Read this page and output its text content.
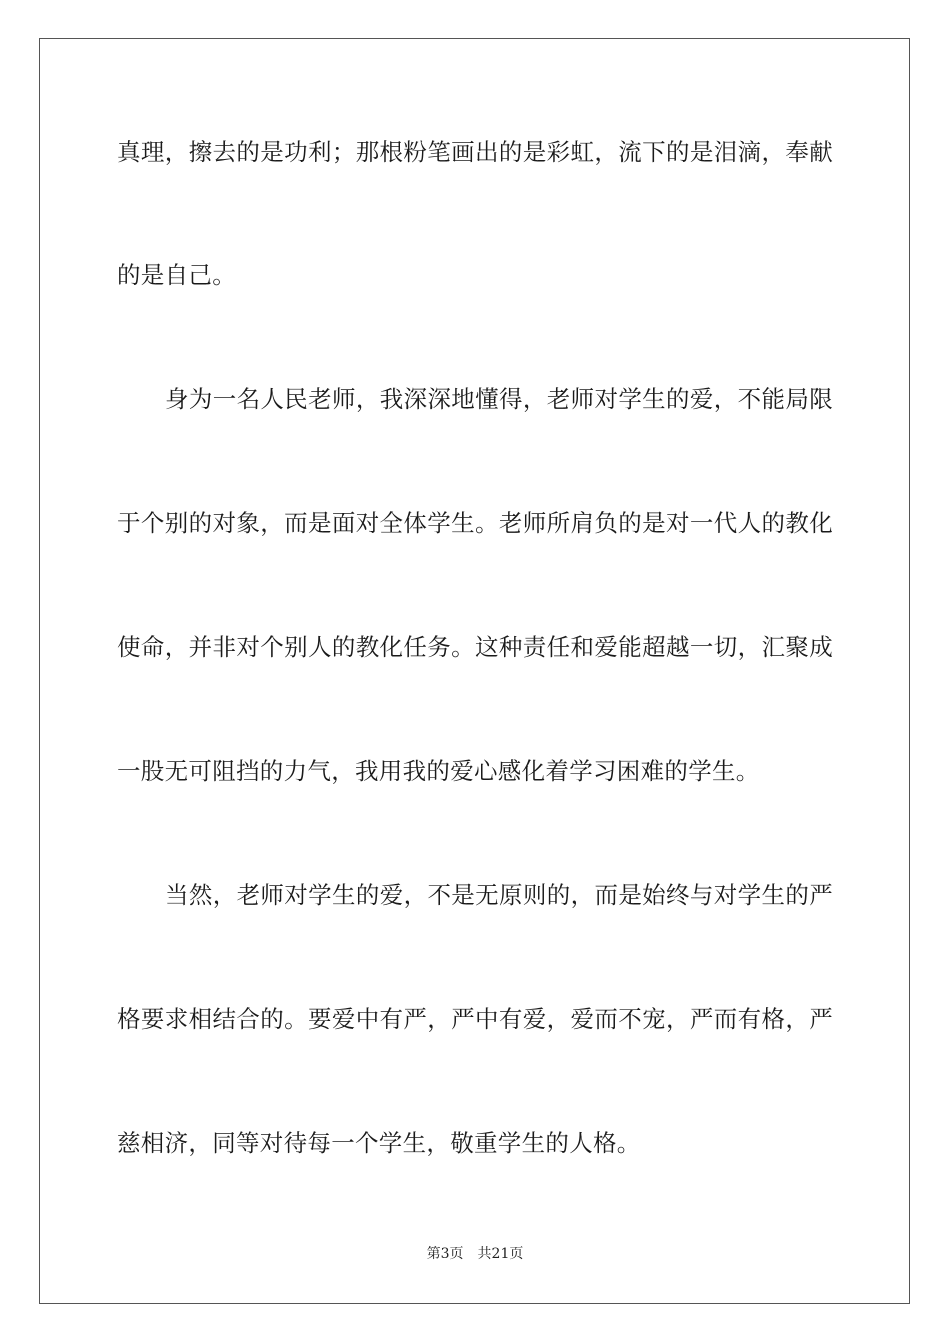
真理，擦去的是功利；那根粉笔画出的是彩虹，流下的是泪滴，奉献
的是自己。
身为一名人民老师，我深深地懂得，老师对学生的爱，不能局限
于个别的对象，而是面对全体学生。老师所肩负的是对一代人的教化
使命，并非对个别人的教化任务。这种责任和爱能超越一切，汇聚成
一股无可阻挡的力气，我用我的爱心感化着学习困难的学生。
当然，老师对学生的爱，不是无原则的，而是始终与对学生的严
格要求相结合的。要爱中有严，严中有爱，爱而不宠，严而有格，严
慈相济，同等对待每一个学生，敬重学生的人格。
第3页 共21页
